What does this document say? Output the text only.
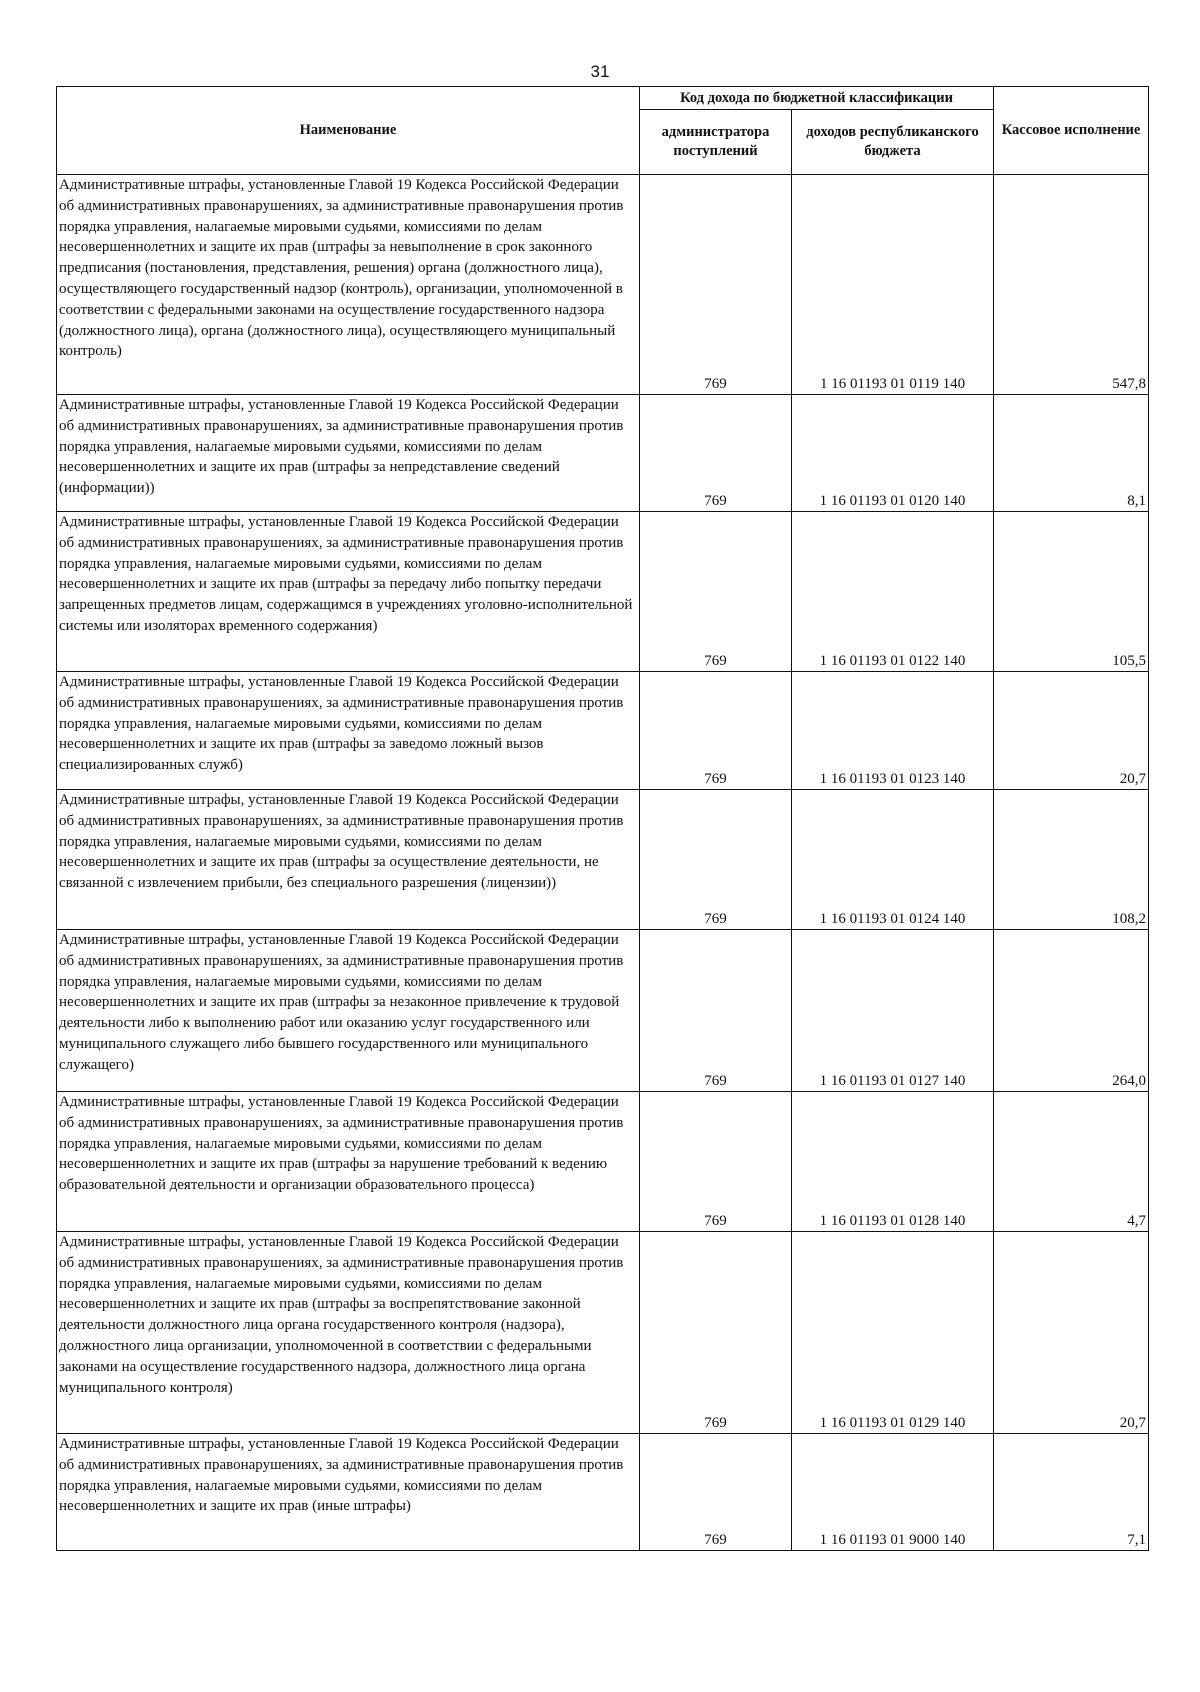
31
Наименование	Код дохода по бюджетной классификации		Кассовое исполнение
	администратора поступлений	доходов республиканского бюджета	
Административные штрафы, установленные Главой 19 Кодекса Российской Федерации об административных правонарушениях, за административные правонарушения против порядка управления, налагаемые мировыми судьями, комиссиями по делам несовершеннолетних и защите их прав (штрафы за невыполнение в срок законного предписания (постановления, представления, решения) органа (должностного лица), осуществляющего государственный надзор (контроль), организации, уполномоченной в соответствии с федеральными законами на осуществление государственного надзора (должностного лица), органа (должностного лица), осуществляющего муниципальный контроль)	769	1 16 01193 01 0119 140	547,8
Административные штрафы, установленные Главой 19 Кодекса Российской Федерации об административных правонарушениях, за административные правонарушения против порядка управления, налагаемые мировыми судьями, комиссиями по делам несовершеннолетних и защите их прав (штрафы за непредставление сведений (информации))	769	1 16 01193 01 0120 140	8,1
Административные штрафы, установленные Главой 19 Кодекса Российской Федерации об административных правонарушениях, за административные правонарушения против порядка управления, налагаемые мировыми судьями, комиссиями по делам несовершеннолетних и защите их прав (штрафы за передачу либо попытку передачи запрещенных предметов лицам, содержащимся в учреждениях уголовно-исполнительной системы или изоляторах временного содержания)	769	1 16 01193 01 0122 140	105,5
Административные штрафы, установленные Главой 19 Кодекса Российской Федерации об административных правонарушениях, за административные правонарушения против порядка управления, налагаемые мировыми судьями, комиссиями по делам несовершеннолетних и защите их прав (штрафы за заведомо ложный вызов специализированных служб)	769	1 16 01193 01 0123 140	20,7
Административные штрафы, установленные Главой 19 Кодекса Российской Федерации об административных правонарушениях, за административные правонарушения против порядка управления, налагаемые мировыми судьями, комиссиями по делам несовершеннолетних и защите их прав (штрафы за осуществление деятельности, не связанной с извлечением прибыли, без специального разрешения (лицензии))	769	1 16 01193 01 0124 140	108,2
Административные штрафы, установленные Главой 19 Кодекса Российской Федерации об административных правонарушениях, за административные правонарушения против порядка управления, налагаемые мировыми судьями, комиссиями по делам несовершеннолетних и защите их прав (штрафы за незаконное привлечение к трудовой деятельности либо к выполнению работ или оказанию услуг государственного или муниципального служащего либо бывшего государственного или муниципального служащего)	769	1 16 01193 01 0127 140	264,0
Административные штрафы, установленные Главой 19 Кодекса Российской Федерации об административных правонарушениях, за административные правонарушения против порядка управления, налагаемые мировыми судьями, комиссиями по делам несовершеннолетних и защите их прав (штрафы за нарушение требований к ведению образовательной деятельности и организации образовательного процесса)	769	1 16 01193 01 0128 140	4,7
Административные штрафы, установленные Главой 19 Кодекса Российской Федерации об административных правонарушениях, за административные правонарушения против порядка управления, налагаемые мировыми судьями, комиссиями по делам несовершеннолетних и защите их прав (штрафы за воспрепятствование законной деятельности должностного лица органа государственного контроля (надзора), должностного лица организации, уполномоченной в соответствии с федеральными законами на осуществление государственного надзора, должностного лица органа муниципального контроля)	769	1 16 01193 01 0129 140	20,7
Административные штрафы, установленные Главой 19 Кодекса Российской Федерации об административных правонарушениях, за административные правонарушения против порядка управления, налагаемые мировыми судьями, комиссиями по делам несовершеннолетних и защите их прав (иные штрафы)	769	1 16 01193 01 9000 140	7,1
